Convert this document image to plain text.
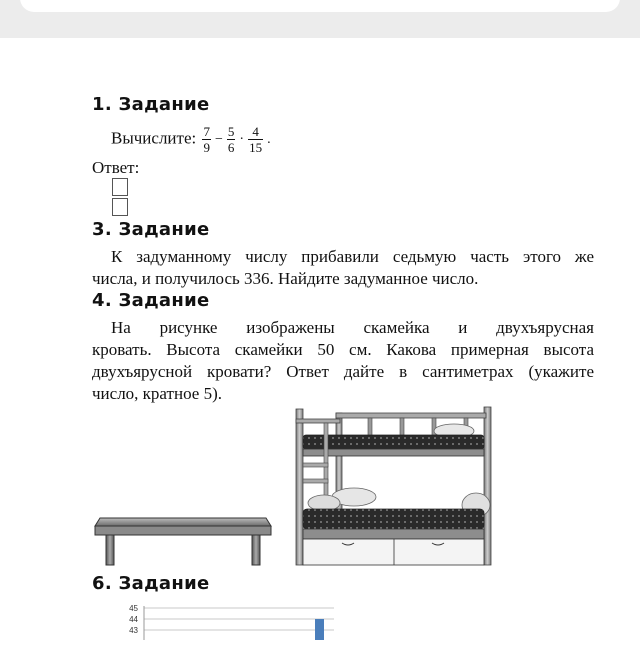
1. Задание
Вычислите: $\frac{7}{9} - \frac{5}{6} \cdot \frac{4}{15}$ .
Ответ:
3. Задание
К задуманному числу прибавили седьмую часть этого же
числа, и получилось 336. Найдите задуманное число.
4. Задание
На рисунке изображены скамейка и двухъярусная
кровать. Высота скамейки 50 см. Какова примерная высота
двухъярусной кровати? Ответ дайте в сантиметрах (укажите
число, кратное 5).
6. Задание
45
44
43
